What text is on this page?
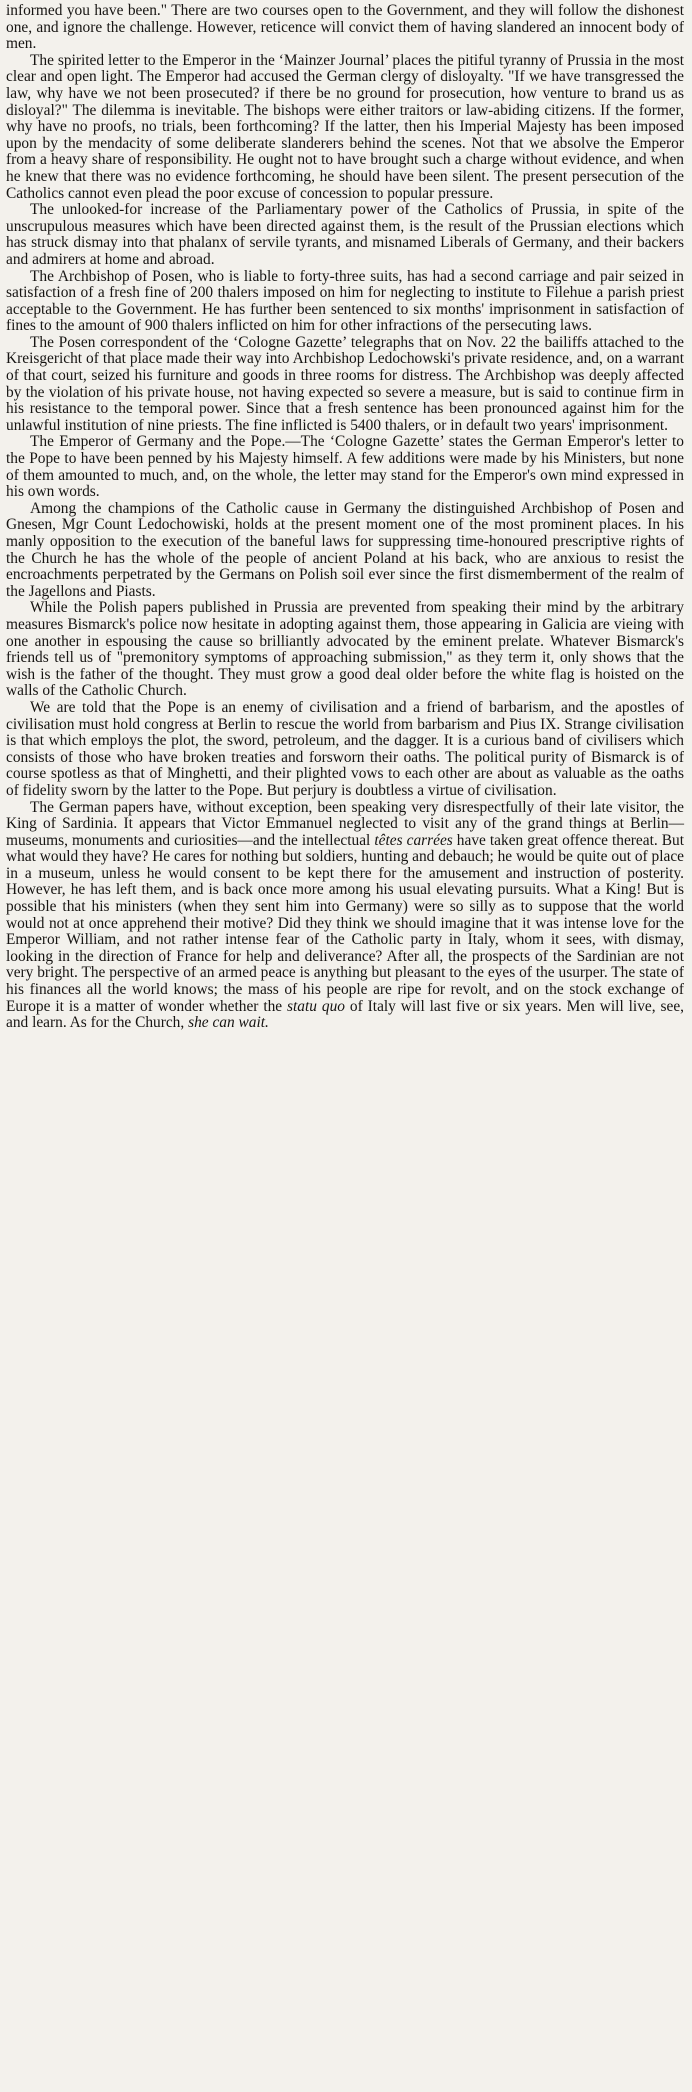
informed you have been." There are two courses open to the Government, and they will follow the dishonest one, and ignore the challenge. However, reticence will convict them of having slandered an innocent body of men.

The spirited letter to the Emperor in the ‘Mainzer Journal’ places the pitiful tyranny of Prussia in the most clear and open light. The Emperor had accused the German clergy of disloyalty. "If we have transgressed the law, why have we not been prosecuted? if there be no ground for prosecution, how venture to brand us as disloyal?" The dilemma is inevitable. The bishops were either traitors or law-abiding citizens. If the former, why have no proofs, no trials, been forthcoming? If the latter, then his Imperial Majesty has been imposed upon by the mendacity of some deliberate slanderers behind the scenes. Not that we absolve the Emperor from a heavy share of responsibility. He ought not to have brought such a charge without evidence, and when he knew that there was no evidence forthcoming, he should have been silent. The present persecution of the Catholics cannot even plead the poor excuse of concession to popular pressure.

The unlooked-for increase of the Parliamentary power of the Catholics of Prussia, in spite of the unscrupulous measures which have been directed against them, is the result of the Prussian elections which has struck dismay into that phalanx of servile tyrants, and misnamed Liberals of Germany, and their backers and admirers at home and abroad.

The Archbishop of Posen, who is liable to forty-three suits, has had a second carriage and pair seized in satisfaction of a fresh fine of 200 thalers imposed on him for neglecting to institute to Filehue a parish priest acceptable to the Government. He has further been sentenced to six months' imprisonment in satisfaction of fines to the amount of 900 thalers inflicted on him for other infractions of the persecuting laws.

The Posen correspondent of the ‘Cologne Gazette’ telegraphs that on Nov. 22 the bailiffs attached to the Kreisgericht of that place made their way into Archbishop Ledochowski's private residence, and, on a warrant of that court, seized his furniture and goods in three rooms for distress. The Archbishop was deeply affected by the violation of his private house, not having expected so severe a measure, but is said to continue firm in his resistance to the temporal power. Since that a fresh sentence has been pronounced against him for the unlawful institution of nine priests. The fine inflicted is 5400 thalers, or in default two years' imprisonment.

The Emperor of Germany and the Pope.—The ‘Cologne Gazette’ states the German Emperor's letter to the Pope to have been penned by his Majesty himself. A few additions were made by his Ministers, but none of them amounted to much, and, on the whole, the letter may stand for the Emperor's own mind expressed in his own words.

Among the champions of the Catholic cause in Germany the distinguished Archbishop of Posen and Gnesen, Mgr Count Ledochowiski, holds at the present moment one of the most prominent places. In his manly opposition to the execution of the baneful laws for suppressing time-honoured prescriptive rights of the Church he has the whole of the people of ancient Poland at his back, who are anxious to resist the encroachments perpetrated by the Germans on Polish soil ever since the first dismemberment of the realm of the Jagellons and Piasts.

While the Polish papers published in Prussia are prevented from speaking their mind by the arbitrary measures Bismarck's police now hesitate in adopting against them, those appearing in Galicia are vieing with one another in espousing the cause so brilliantly advocated by the eminent prelate. Whatever Bismarck's friends tell us of "premonitory symptoms of approaching submission," as they term it, only shows that the wish is the father of the thought. They must grow a good deal older before the white flag is hoisted on the walls of the Catholic Church.

We are told that the Pope is an enemy of civilisation and a friend of barbarism, and the apostles of civilisation must hold congress at Berlin to rescue the world from barbarism and Pius IX. Strange civilisation is that which employs the plot, the sword, petroleum, and the dagger. It is a curious band of civilisers which consists of those who have broken treaties and forsworn their oaths. The political purity of Bismarck is of course spotless as that of Minghetti, and their plighted vows to each other are about as valuable as the oaths of fidelity sworn by the latter to the Pope. But perjury is doubtless a virtue of civilisation.

The German papers have, without exception, been speaking very disrespectfully of their late visitor, the King of Sardinia. It appears that Victor Emmanuel neglected to visit any of the grand things at Berlin—museums, monuments and curiosities—and the intellectual têtes carrées have taken great offence thereat. But what would they have? He cares for nothing but soldiers, hunting and debauch; he would be quite out of place in a museum, unless he would consent to be kept there for the amusement and instruction of posterity. However, he has left them, and is back once more among his usual elevating pursuits. What a King! But is possible that his ministers (when they sent him into Germany) were so silly as to suppose that the world would not at once apprehend their motive? Did they think we should imagine that it was intense love for the Emperor William, and not rather intense fear of the Catholic party in Italy, whom it sees, with dismay, looking in the direction of France for help and deliverance? After all, the prospects of the Sardinian are not very bright. The perspective of an armed peace is anything but pleasant to the eyes of the usurper. The state of his finances all the world knows; the mass of his people are ripe for revolt, and on the stock exchange of Europe it is a matter of wonder whether the statu quo of Italy will last five or six years. Men will live, see, and learn. As for the Church, she can wait.
